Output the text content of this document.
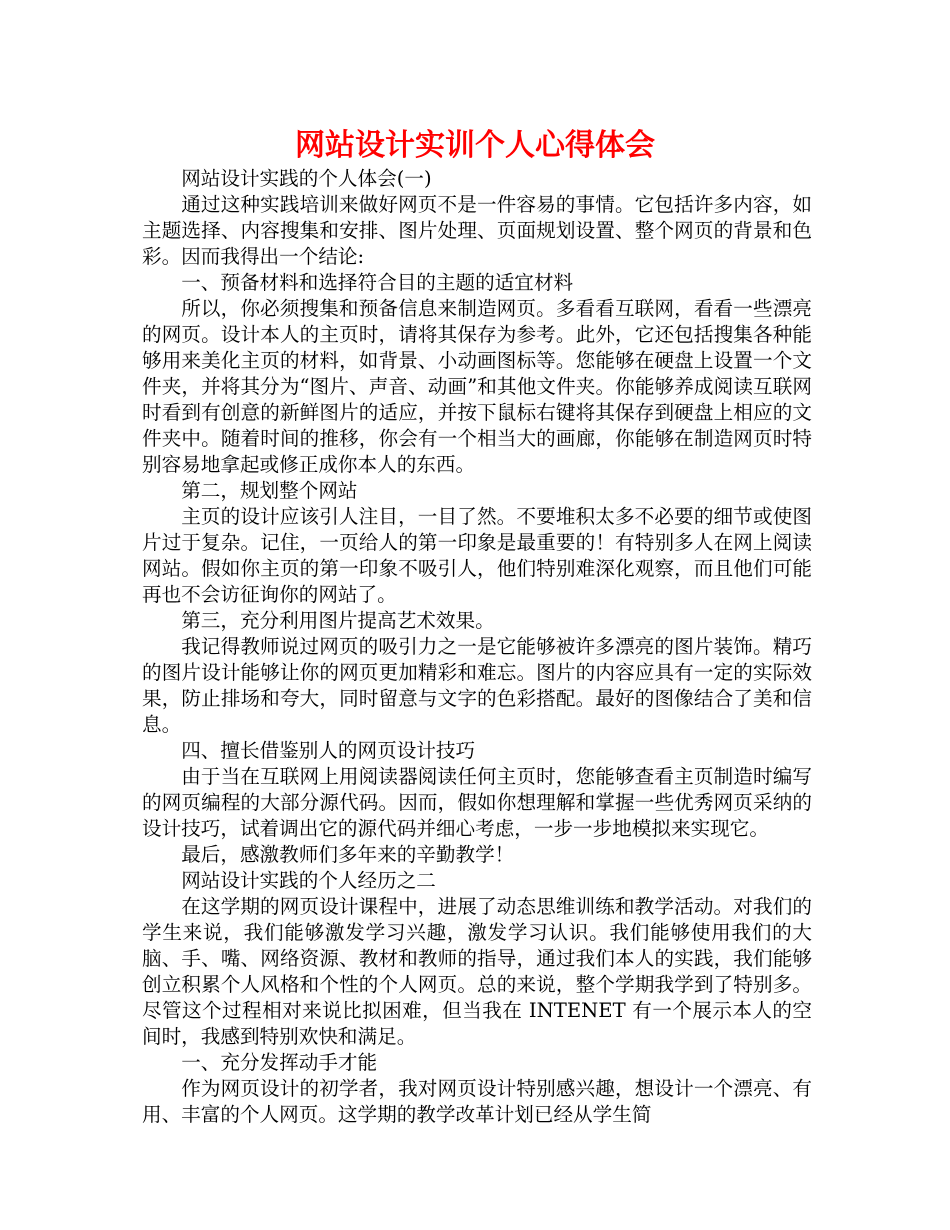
网站设计实训个人心得体会

网站设计实践的个人体会(一)

通过这种实践培训来做好网页不是一件容易的事情。它包括许多内容，如主题选择、内容搜集和安排、图片处理、页面规划设置、整个网页的背景和色彩。因而我得出一个结论:

一、预备材料和选择符合目的主题的适宜材料

所以，你必须搜集和预备信息来制造网页。多看看互联网，看看一些漂亮的网页。设计本人的主页时，请将其保存为参考。此外，它还包括搜集各种能够用来美化主页的材料，如背景、小动画图标等。您能够在硬盘上设置一个文件夹，并将其分为“图片、声音、动画”和其他文件夹。你能够养成阅读互联网时看到有创意的新鲜图片的适应，并按下鼠标右键将其保存到硬盘上相应的文件夹中。随着时间的推移，你会有一个相当大的画廊，你能够在制造网页时特别容易地拿起或修正成你本人的东西。

第二，规划整个网站

主页的设计应该引人注目，一目了然。不要堆积太多不必要的细节或使图片过于复杂。记住，一页给人的第一印象是最重要的！有特别多人在网上阅读网站。假如你主页的第一印象不吸引人，他们特别难深化观察，而且他们可能再也不会访征询你的网站了。

第三，充分利用图片提高艺术效果。

我记得教师说过网页的吸引力之一是它能够被许多漂亮的图片装饰。精巧的图片设计能够让你的网页更加精彩和难忘。图片的内容应具有一定的实际效果，防止排场和夸大，同时留意与文字的色彩搭配。最好的图像结合了美和信息。

四、擅长借鉴别人的网页设计技巧

由于当在互联网上用阅读器阅读任何主页时，您能够查看主页制造时编写的网页编程的大部分源代码。因而，假如你想理解和掌握一些优秀网页采纳的设计技巧，试着调出它的源代码并细心考虑，一步一步地模拟来实现它。

最后，感激教师们多年来的辛勤教学！

网站设计实践的个人经历之二

在这学期的网页设计课程中，进展了动态思维训练和教学活动。对我们的学生来说，我们能够激发学习兴趣，激发学习认识。我们能够使用我们的大脑、手、嘴、网络资源、教材和教师的指导，通过我们本人的实践，我们能够创立积累个人风格和个性的个人网页。总的来说，整个学期我学到了特别多。尽管这个过程相对来说比拟困难，但当我在 INTENET 有一个展示本人的空间时，我感到特别欢快和满足。

一、充分发挥动手才能

作为网页设计的初学者，我对网页设计特别感兴趣，想设计一个漂亮、有用、丰富的个人网页。这学期的教学改革计划已经从学生简
